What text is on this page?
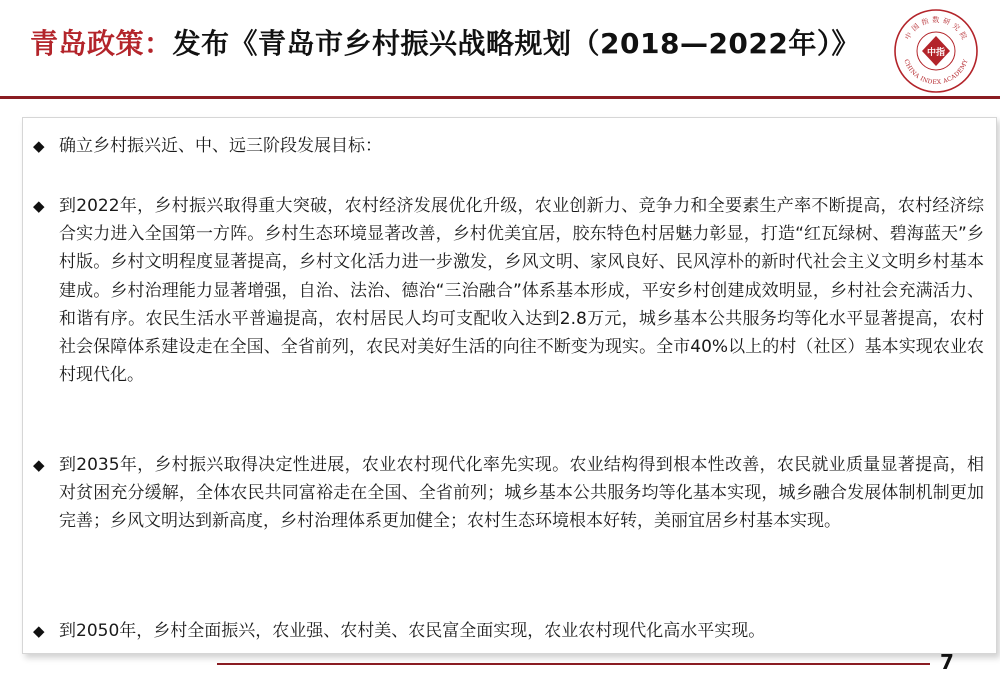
青岛政策：发布《青岛市乡村振兴战略规划（2018—2022年）》	中指
中 国 指 数 研 究 院
CHINA INDEX ACADEMY
◆ 确立乡村振兴近、中、远三阶段发展目标：
◆ 到2022年，乡村振兴取得重大突破，农村经济发展优化升级，农业创新力、竞争力和全要素生产率不断提高，农村经济综合实力进入全国第一方阵。乡村生态环境显著改善，乡村优美宜居，胶东特色村居魅力彰显，打造“红瓦绿树、碧海蓝天”乡村版。乡村文明程度显著提高，乡村文化活力进一步激发，乡风文明、家风良好、民风淳朴的新时代社会主义文明乡村基本建成。乡村治理能力显著增强，自治、法治、德治“三治融合”体系基本形成，平安乡村创建成效明显，乡村社会充满活力、和谐有序。农民生活水平普遍提高，农村居民人均可支配收入达到2.8万元，城乡基本公共服务均等化水平显著提高，农村社会保障体系建设走在全国、全省前列，农民对美好生活的向往不断变为现实。全市40%以上的村（社区）基本实现农业农村现代化。
◆ 到2035年，乡村振兴取得决定性进展，农业农村现代化率先实现。农业结构得到根本性改善，农民就业质量显著提高，相对贫困充分缓解，全体农民共同富裕走在全国、全省前列；城乡基本公共服务均等化基本实现，城乡融合发展体制机制更加完善；乡风文明达到新高度，乡村治理体系更加健全；农村生态环境根本好转，美丽宜居乡村基本实现。
◆ 到2050年，乡村全面振兴，农业强、农村美、农民富全面实现，农业农村现代化高水平实现。
7
